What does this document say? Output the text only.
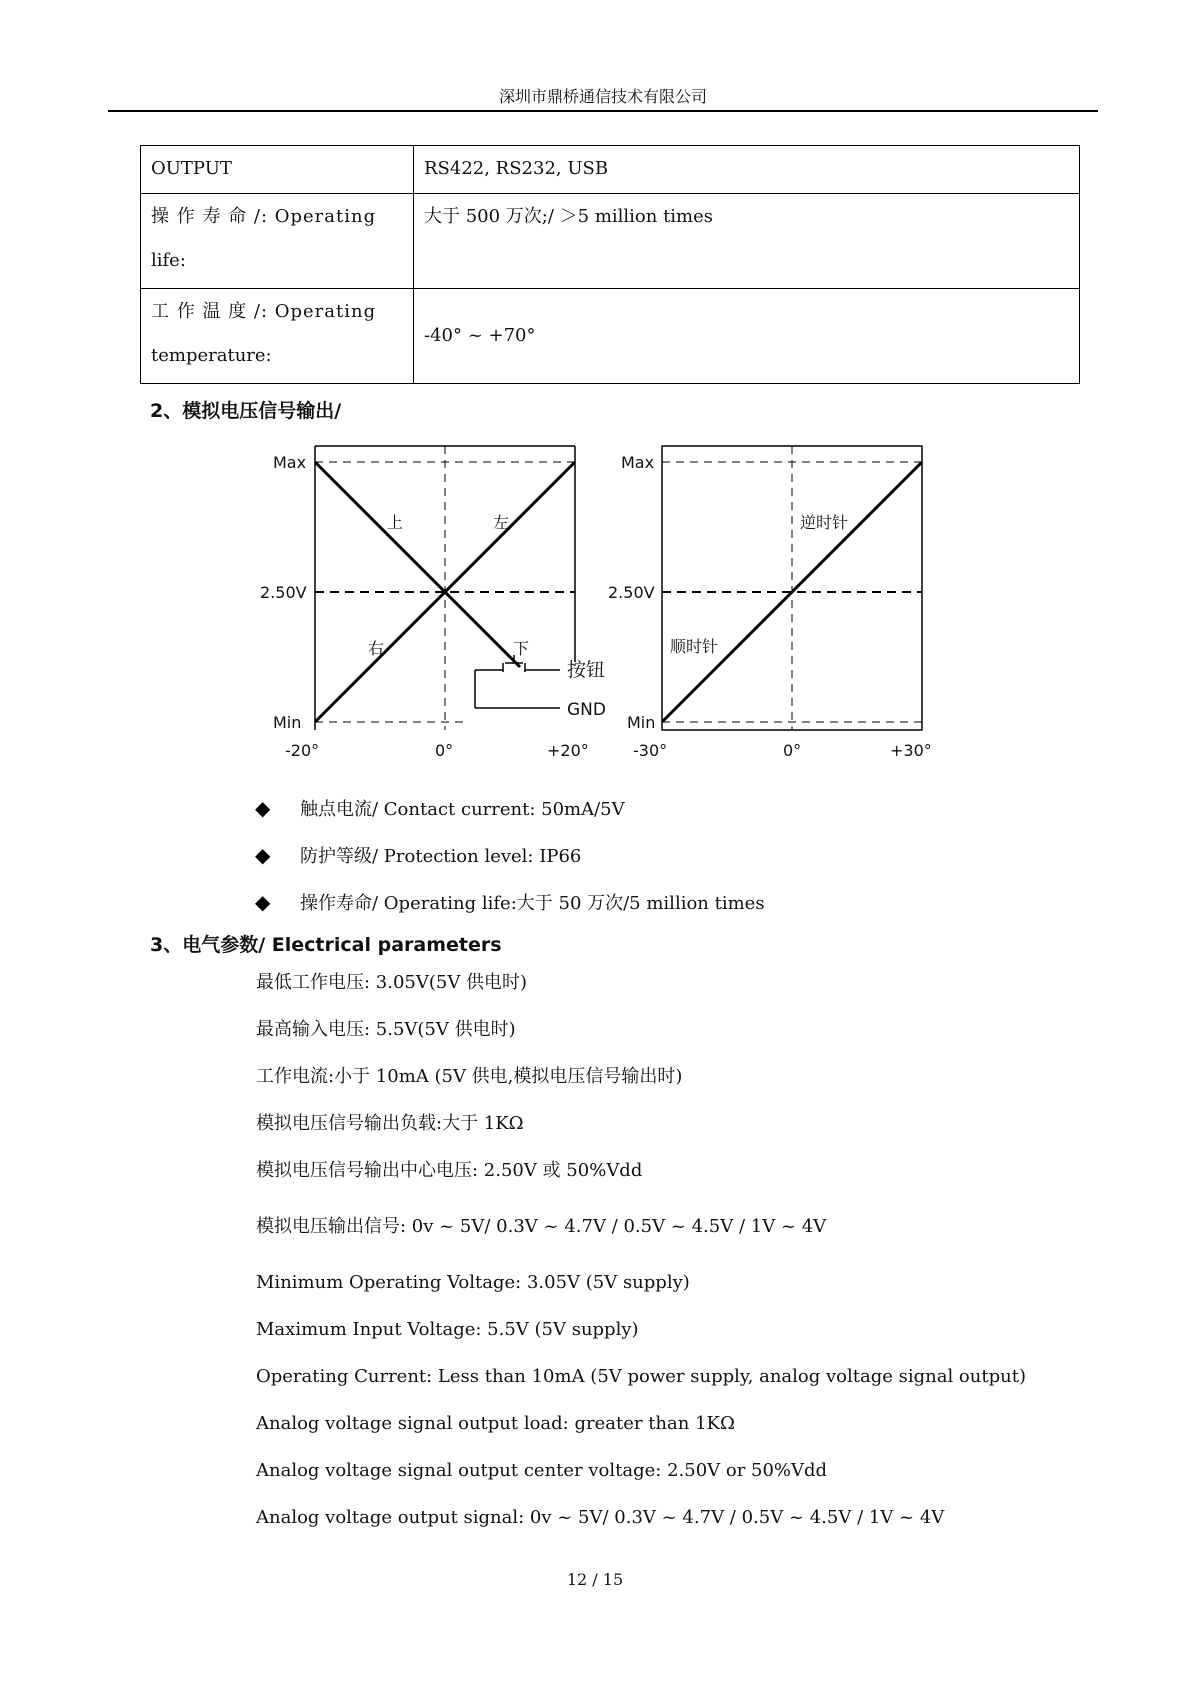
深圳市鼎桥通信技术有限公司
OUTPUT	RS422, RS232, USB

操 作 寿 命 /: Operating
life:	大于 500 万次;/ ＞5 million times

工 作 温 度 /: Operating
temperature:	-40° ~ +70°
2、模拟电压信号输出/
Max
2.50V
Min
-20°	0°	+20°
上	左
右	下
按钮
GND
Max
2.50V
Min
-30°	0°	+30°
逆时针
顺时针
◆	触点电流/ Contact current: 50mA/5V
◆	防护等级/ Protection level: IP66
◆	操作寿命/ Operating life:大于 50 万次/5 million times
3、电气参数/ Electrical parameters
最低工作电压: 3.05V(5V 供电时)
最高输入电压: 5.5V(5V 供电时)
工作电流:小于 10mA (5V 供电,模拟电压信号输出时)
模拟电压信号输出负载:大于 1KΩ
模拟电压信号输出中心电压: 2.50V 或 50%Vdd
模拟电压输出信号: 0v ~ 5V/ 0.3V ~ 4.7V / 0.5V ~ 4.5V / 1V ~ 4V
Minimum Operating Voltage: 3.05V (5V supply)
Maximum Input Voltage: 5.5V (5V supply)
Operating Current: Less than 10mA (5V power supply, analog voltage signal output)
Analog voltage signal output load: greater than 1KΩ
Analog voltage signal output center voltage: 2.50V or 50%Vdd
Analog voltage output signal: 0v ~ 5V/ 0.3V ~ 4.7V / 0.5V ~ 4.5V / 1V ~ 4V
12 / 15
